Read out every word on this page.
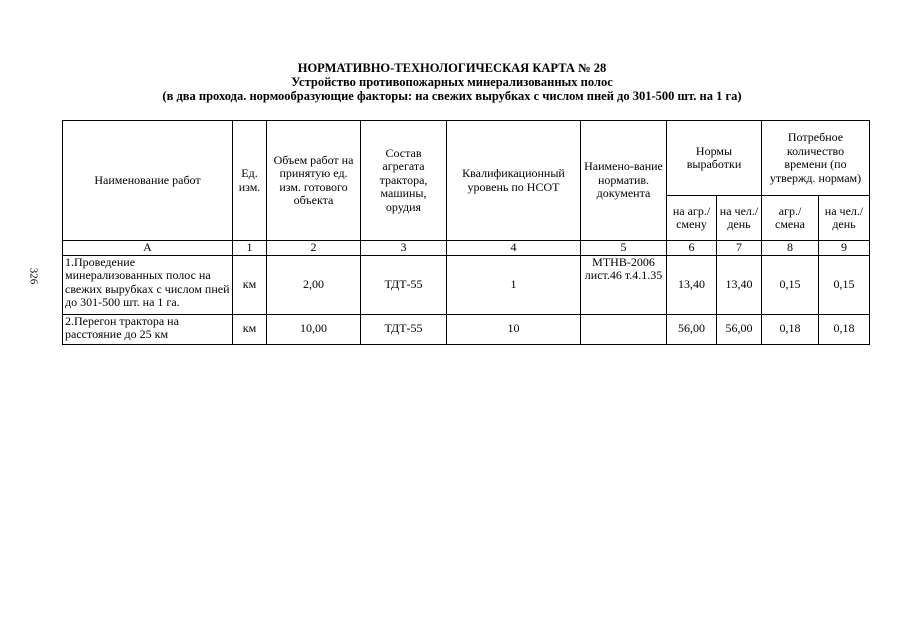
НОРМАТИВНО-ТЕХНОЛОГИЧЕСКАЯ КАРТА № 28
Устройство противопожарных минерализованных полос
(в два прохода. нормообразующие факторы: на свежих вырубках с числом пней до 301-500 шт. на 1 га)
326
Наименование работ	Ед. изм.	Объем работ на принятую ед. изм. готового объекта	Состав агрегата трактора, машины, орудия	Квалификационный уровень по НСОТ	Наимено-вание норматив. документа	Нормы выработки		Потребное количество времени (по утвержд. нормам)	
						на агр./ смену	на чел./ день	агр./ смена	на чел./ день
А	1	2	3	4	5	6	7	8	9
1.Проведение минерализованных полос на свежих вырубках с числом пней до 301-500 шт. на 1 га.	км	2,00	ТДТ-55	1	МТНВ-2006 лист.46 т.4.1.35	13,40	13,40	0,15	0,15
2.Перегон трактора на расстояние до 25 км	км	10,00	ТДТ-55	10		56,00	56,00	0,18	0,18
